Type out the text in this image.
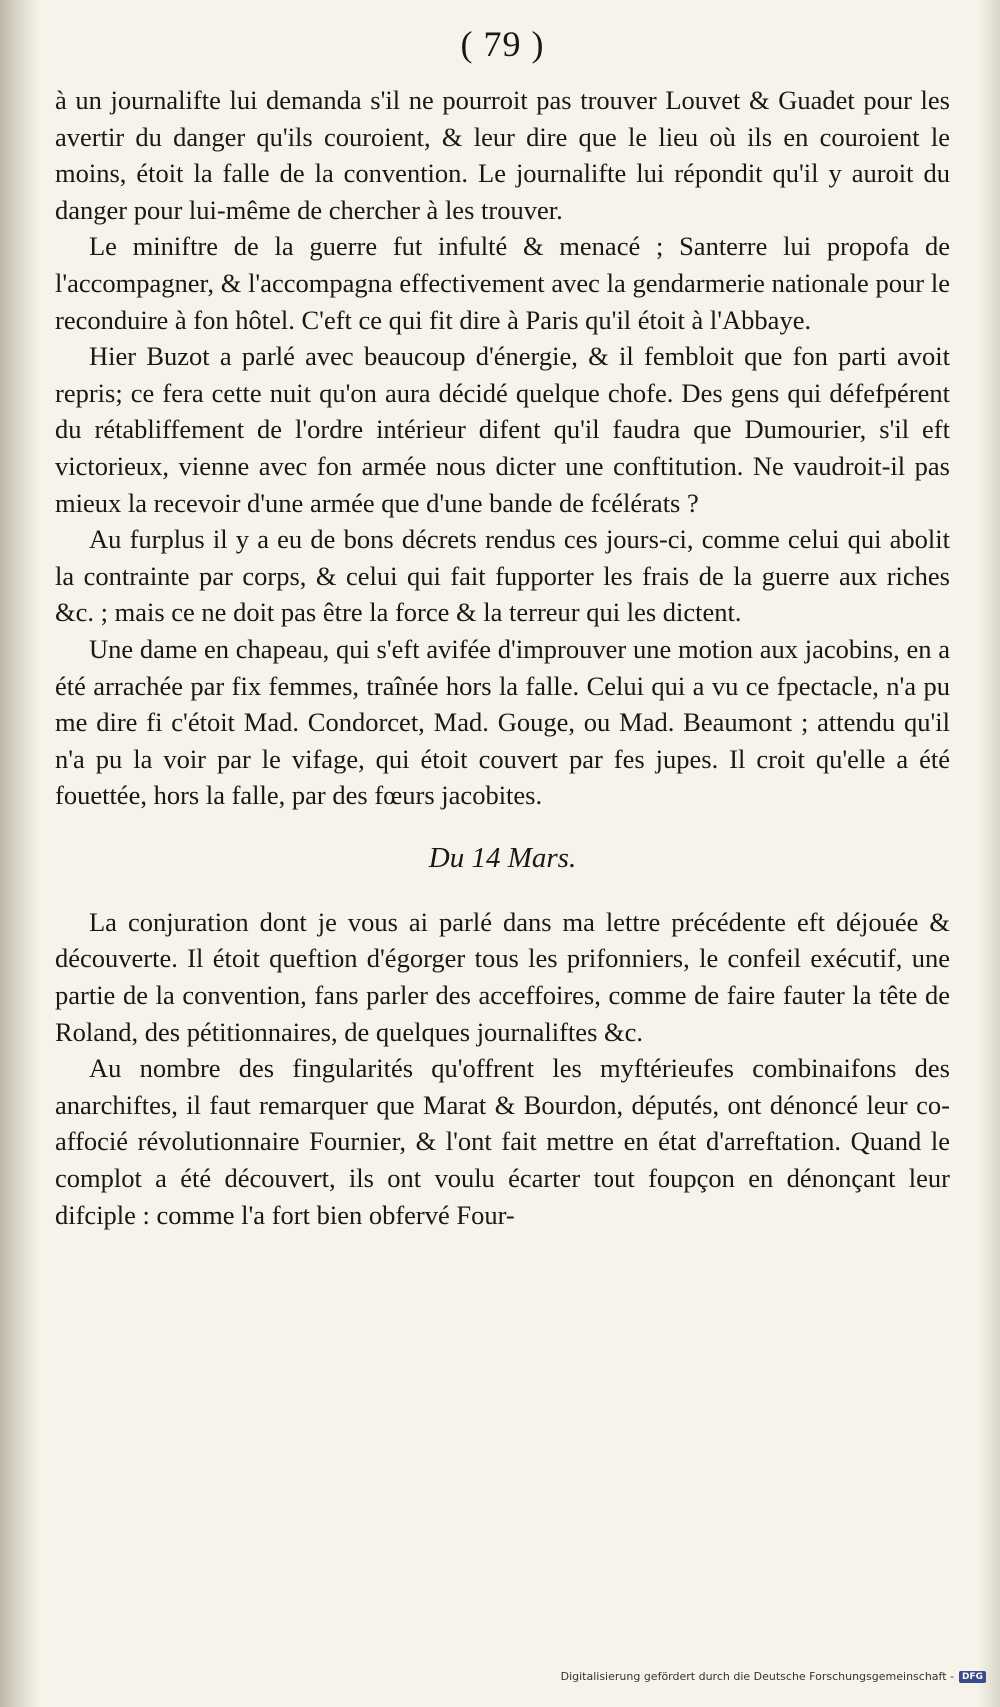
( 79 )

à un journalifte lui demanda s'il ne pourroit pas trouver Louvet & Guadet pour les avertir du danger qu'ils couroient, & leur dire que le lieu où ils en couroient le moins, étoit la falle de la convention. Le journalifte lui répondit qu'il y auroit du danger pour lui-même de chercher à les trouver.

Le miniftre de la guerre fut infulté & menacé ; Santerre lui propofa de l'accompagner, & l'accompagna effectivement avec la gendarmerie nationale pour le reconduire à fon hôtel. C'eft ce qui fit dire à Paris qu'il étoit à l'Abbaye.

Hier Buzot a parlé avec beaucoup d'énergie, & il fembloit que fon parti avoit repris; ce fera cette nuit qu'on aura décidé quelque chofe. Des gens qui défefpérent du rétabliffement de l'ordre intérieur difent qu'il faudra que Dumourier, s'il eft victorieux, vienne avec fon armée nous dicter une conftitution. Ne vaudroit-il pas mieux la recevoir d'une armée que d'une bande de fcélérats ?

Au furplus il y a eu de bons décrets rendus ces jours-ci, comme celui qui abolit la contrainte par corps, & celui qui fait fupporter les frais de la guerre aux riches &c. ; mais ce ne doit pas être la force & la terreur qui les dictent.

Une dame en chapeau, qui s'eft avifée d'improuver une motion aux jacobins, en a été arrachée par fix femmes, traînée hors la falle. Celui qui a vu ce fpectacle, n'a pu me dire fi c'étoit Mad. Condorcet, Mad. Gouge, ou Mad. Beaumont ; attendu qu'il n'a pu la voir par le vifage, qui étoit couvert par fes jupes. Il croit qu'elle a été fouettée, hors la falle, par des fœurs jacobites.

Du 14 Mars.

La conjuration dont je vous ai parlé dans ma lettre précédente eft déjouée & découverte. Il étoit queftion d'égorger tous les prifonniers, le confeil exécutif, une partie de la convention, fans parler des acceffoires, comme de faire fauter la tête de Roland, des pétitionnaires, de quelques journaliftes &c.

Au nombre des fingularités qu'offrent les myftérieufes combinaifons des anarchiftes, il faut remarquer que Marat & Bourdon, députés, ont dénoncé leur co-affocié révolutionnaire Fournier, & l'ont fait mettre en état d'arreftation. Quand le complot a été découvert, ils ont voulu écarter tout foupçon en dénonçant leur difciple : comme l'a fort bien obfervé Four-

Digitalisierung gefördert durch die Deutsche Forschungsgemeinschaft - DFG
